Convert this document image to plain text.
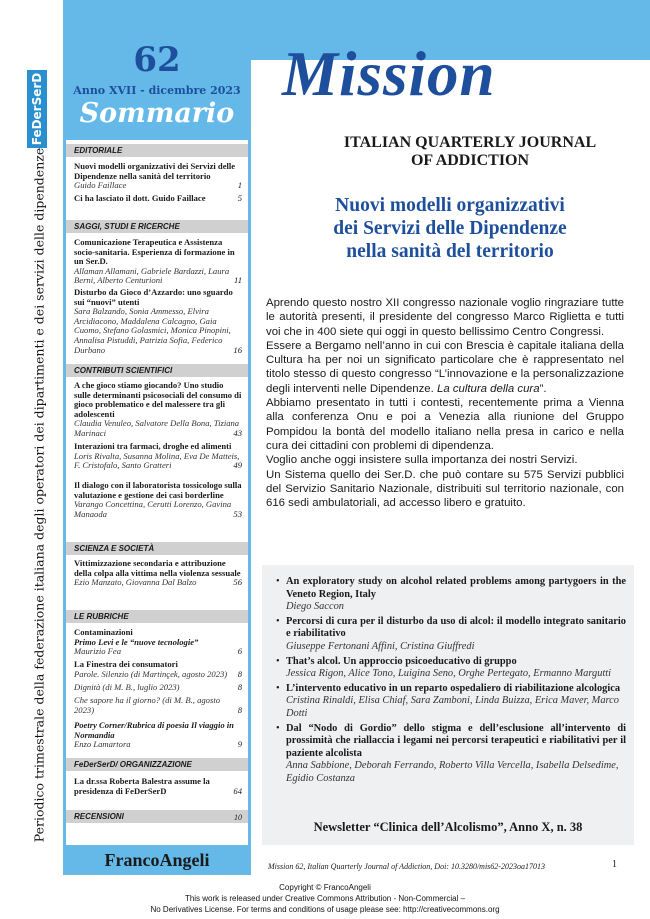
FeDerSerD
Periodico trimestrale della federazione italiana degli operatori dei dipartimenti e dei servizi delle dipendenze
62
Anno XVII - dicembre 2023
Sommario
EDITORIALE
Nuovi modelli organizzativi dei Servizi delle Dipendenze nella sanità del territorio
Guido Faillace	1
Ci ha lasciato il dott. Guido Faillace	5
SAGGI, STUDI E RICERCHE
Comunicazione Terapeutica e Assistenza socio-sanitaria. Esperienza di formazione in un Ser.D.
Allaman Allamani, Gabriele Bardazzi, Laura Berni, Alberto Centurioni	11
Disturbo da Gioco d’Azzardo: uno sguardo sui “nuovi” utenti
Sara Balzando, Sonia Ammesso, Elvira Arcidiacono, Maddalena Calcagno, Gaia Cuomo, Stefano Golasmici, Monica Pinopini, Annalisa Pistuddi, Patrizia Sofia, Federico Durbano	16
CONTRIBUTI SCIENTIFICI
A che gioco stiamo giocando? Uno studio sulle determinanti psicosociali del consumo di gioco problematico e del malessere tra gli adolescenti
Claudia Venuleo, Salvatore Della Bona, Tiziana Marinaci	43
Interazioni tra farmaci, droghe ed alimenti
Loris Rivalta, Susanna Molina, Eva De Matteis, F. Cristofalo, Santo Gratteri	49
Il dialogo con il laboratorista tossicologo sulla valutazione e gestione dei casi borderline
Varango Concettina, Cerutti Lorenzo, Gavina Manaoda	53
SCIENZA E SOCIETÀ
Vittimizzazione secondaria e attribuzione della colpa alla vittima nella violenza sessuale
Ezio Manzato, Giovanna Dal Balzo	56
LE RUBRICHE
Contaminazioni
Primo Levi e le “nuove tecnologie”
Maurizio Fea	6
La Finestra dei consumatori
Parole. Silenzio (di Martinçek, agosto 2023)	8
Dignità (di M. B., luglio 2023)	8
Che sapore ha il giorno? (di M. B., agosto 2023)	8
Poetry Corner/Rubrica di poesia Il viaggio in Normandia
Enzo Lamartora	9
FeDerSerD/ ORGANIZZAZIONE
La dr.ssa Roberta Balestra assume la presidenza di FeDerSerD	64
RECENSIONI	10
FrancoAngeli
Mission
ITALIAN QUARTERLY JOURNAL
OF ADDICTION
Nuovi modelli organizzativi
dei Servizi delle Dipendenze
nella sanità del territorio

Aprendo questo nostro XII congresso nazionale voglio ringraziare tutte le autorità presenti, il presidente del congresso Marco Riglietta e tutti voi che in 400 siete qui oggi in questo bellissimo Centro Congressi.

Essere a Bergamo nell’anno in cui con Brescia è capitale italiana della Cultura ha per noi un significato particolare che è rappresentato nel titolo stesso di questo congresso “L’innovazione e la personalizzazione degli interventi nelle Dipendenze. La cultura della cura”.

Abbiamo presentato in tutti i contesti, recentemente prima a Vienna alla conferenza Onu e poi a Venezia alla riunione del Gruppo Pompidou la bontà del modello italiano nella presa in carico e nella cura dei cittadini con problemi di dipendenza.

Voglio anche oggi insistere sulla importanza dei nostri Servizi.

Un Sistema quello dei Ser.D. che può contare su 575 Servizi pubblici del Servizio Sanitario Nazionale, distribuiti sul territorio nazionale, con 616 sedi ambulatoriali, ad accesso libero e gratuito.

• An exploratory study on alcohol related problems among partygoers in the Veneto Region, Italy
Diego Saccon
• Percorsi di cura per il disturbo da uso di alcol: il modello integrato sanitario e riabilitativo
Giuseppe Fertonani Affini, Cristina Giuffredi
• That’s alcol. Un approccio psicoeducativo di gruppo
Jessica Rigon, Alice Tono, Luigina Seno, Orghe Pertegato, Ermanno Margutti
• L’intervento educativo in un reparto ospedaliero di riabilitazione alcologica
Cristina Rinaldi, Elisa Chiaf, Sara Zamboni, Linda Buizza, Erica Maver, Marco Dotti
• Dal “Nodo di Gordio” dello stigma e dell’esclusione all’intervento di prossimità che riallaccia i legami nei percorsi terapeutici e riabilitativi per il paziente alcolista
Anna Sabbione, Deborah Ferrando, Roberto Villa Vercella, Isabella Delsedime, Egidio Costanza
Newsletter “Clinica dell’Alcolismo”, Anno X, n. 38
Mission 62, Italian Quarterly Journal of Addiction, Doi: 10.3280/mis62-2023oa17013	1
Copyright © FrancoAngeli
This work is released under Creative Commons Attribution - Non-Commercial –
No Derivatives License. For terms and conditions of usage please see: http://creativecommons.org
